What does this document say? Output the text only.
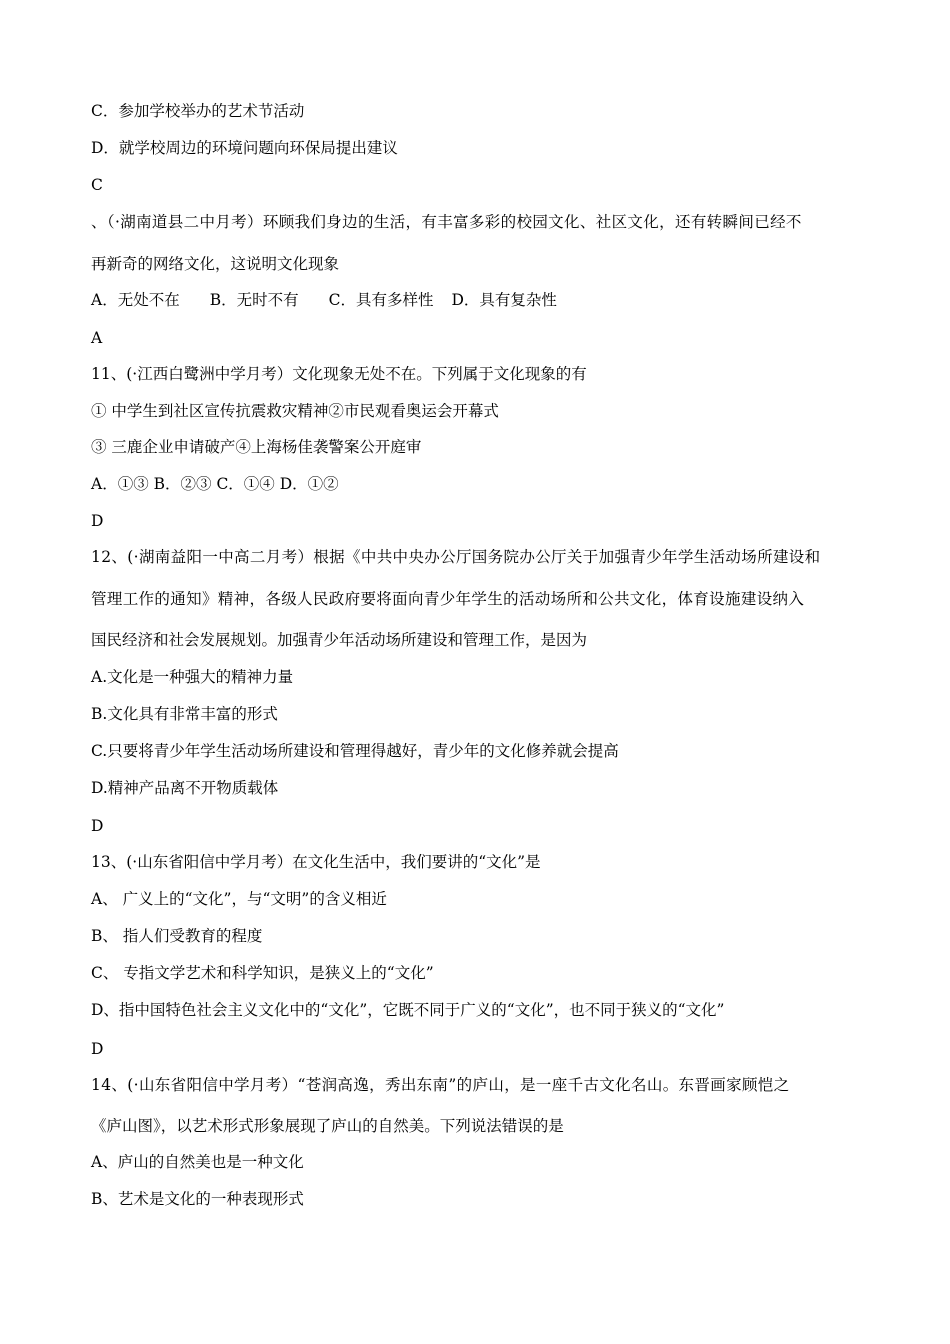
C．参加学校举办的艺术节活动
D．就学校周边的环境问题向环保局提出建议
C
、（·湖南道县二中月考）环顾我们身边的生活，有丰富多彩的校园文化、社区文化，还有转瞬间已经不
再新奇的网络文化，这说明文化现象
A．无处不在 B．无时不有 C．具有多样性 D．具有复杂性
A
11、(·江西白鹭洲中学月考）文化现象无处不在。下列属于文化现象的有
① 中学生到社区宣传抗震救灾精神②市民观看奥运会开幕式
③ 三鹿企业申请破产④上海杨佳袭警案公开庭审
A．①③ B．②③ C．①④ D．①②
D
12、(·湖南益阳一中高二月考）根据《中共中央办公厅国务院办公厅关于加强青少年学生活动场所建设和
管理工作的通知》精神，各级人民政府要将面向青少年学生的活动场所和公共文化，体育设施建设纳入
国民经济和社会发展规划。加强青少年活动场所建设和管理工作，是因为
A.文化是一种强大的精神力量
B.文化具有非常丰富的形式
C.只要将青少年学生活动场所建设和管理得越好，青少年的文化修养就会提高
D.精神产品离不开物质载体
D
13、(·山东省阳信中学月考）在文化生活中，我们要讲的“文化”是
A、 广义上的“文化”，与“文明”的含义相近
B、 指人们受教育的程度
C、 专指文学艺术和科学知识，是狭义上的“文化”
D、指中国特色社会主义文化中的“文化”，它既不同于广义的“文化”，也不同于狭义的“文化”
D
14、(·山东省阳信中学月考）“苍润高逸，秀出东南”的庐山，是一座千古文化名山。东晋画家顾恺之
《庐山图》，以艺术形式形象展现了庐山的自然美。下列说法错误的是
A、庐山的自然美也是一种文化
B、艺术是文化的一种表现形式
